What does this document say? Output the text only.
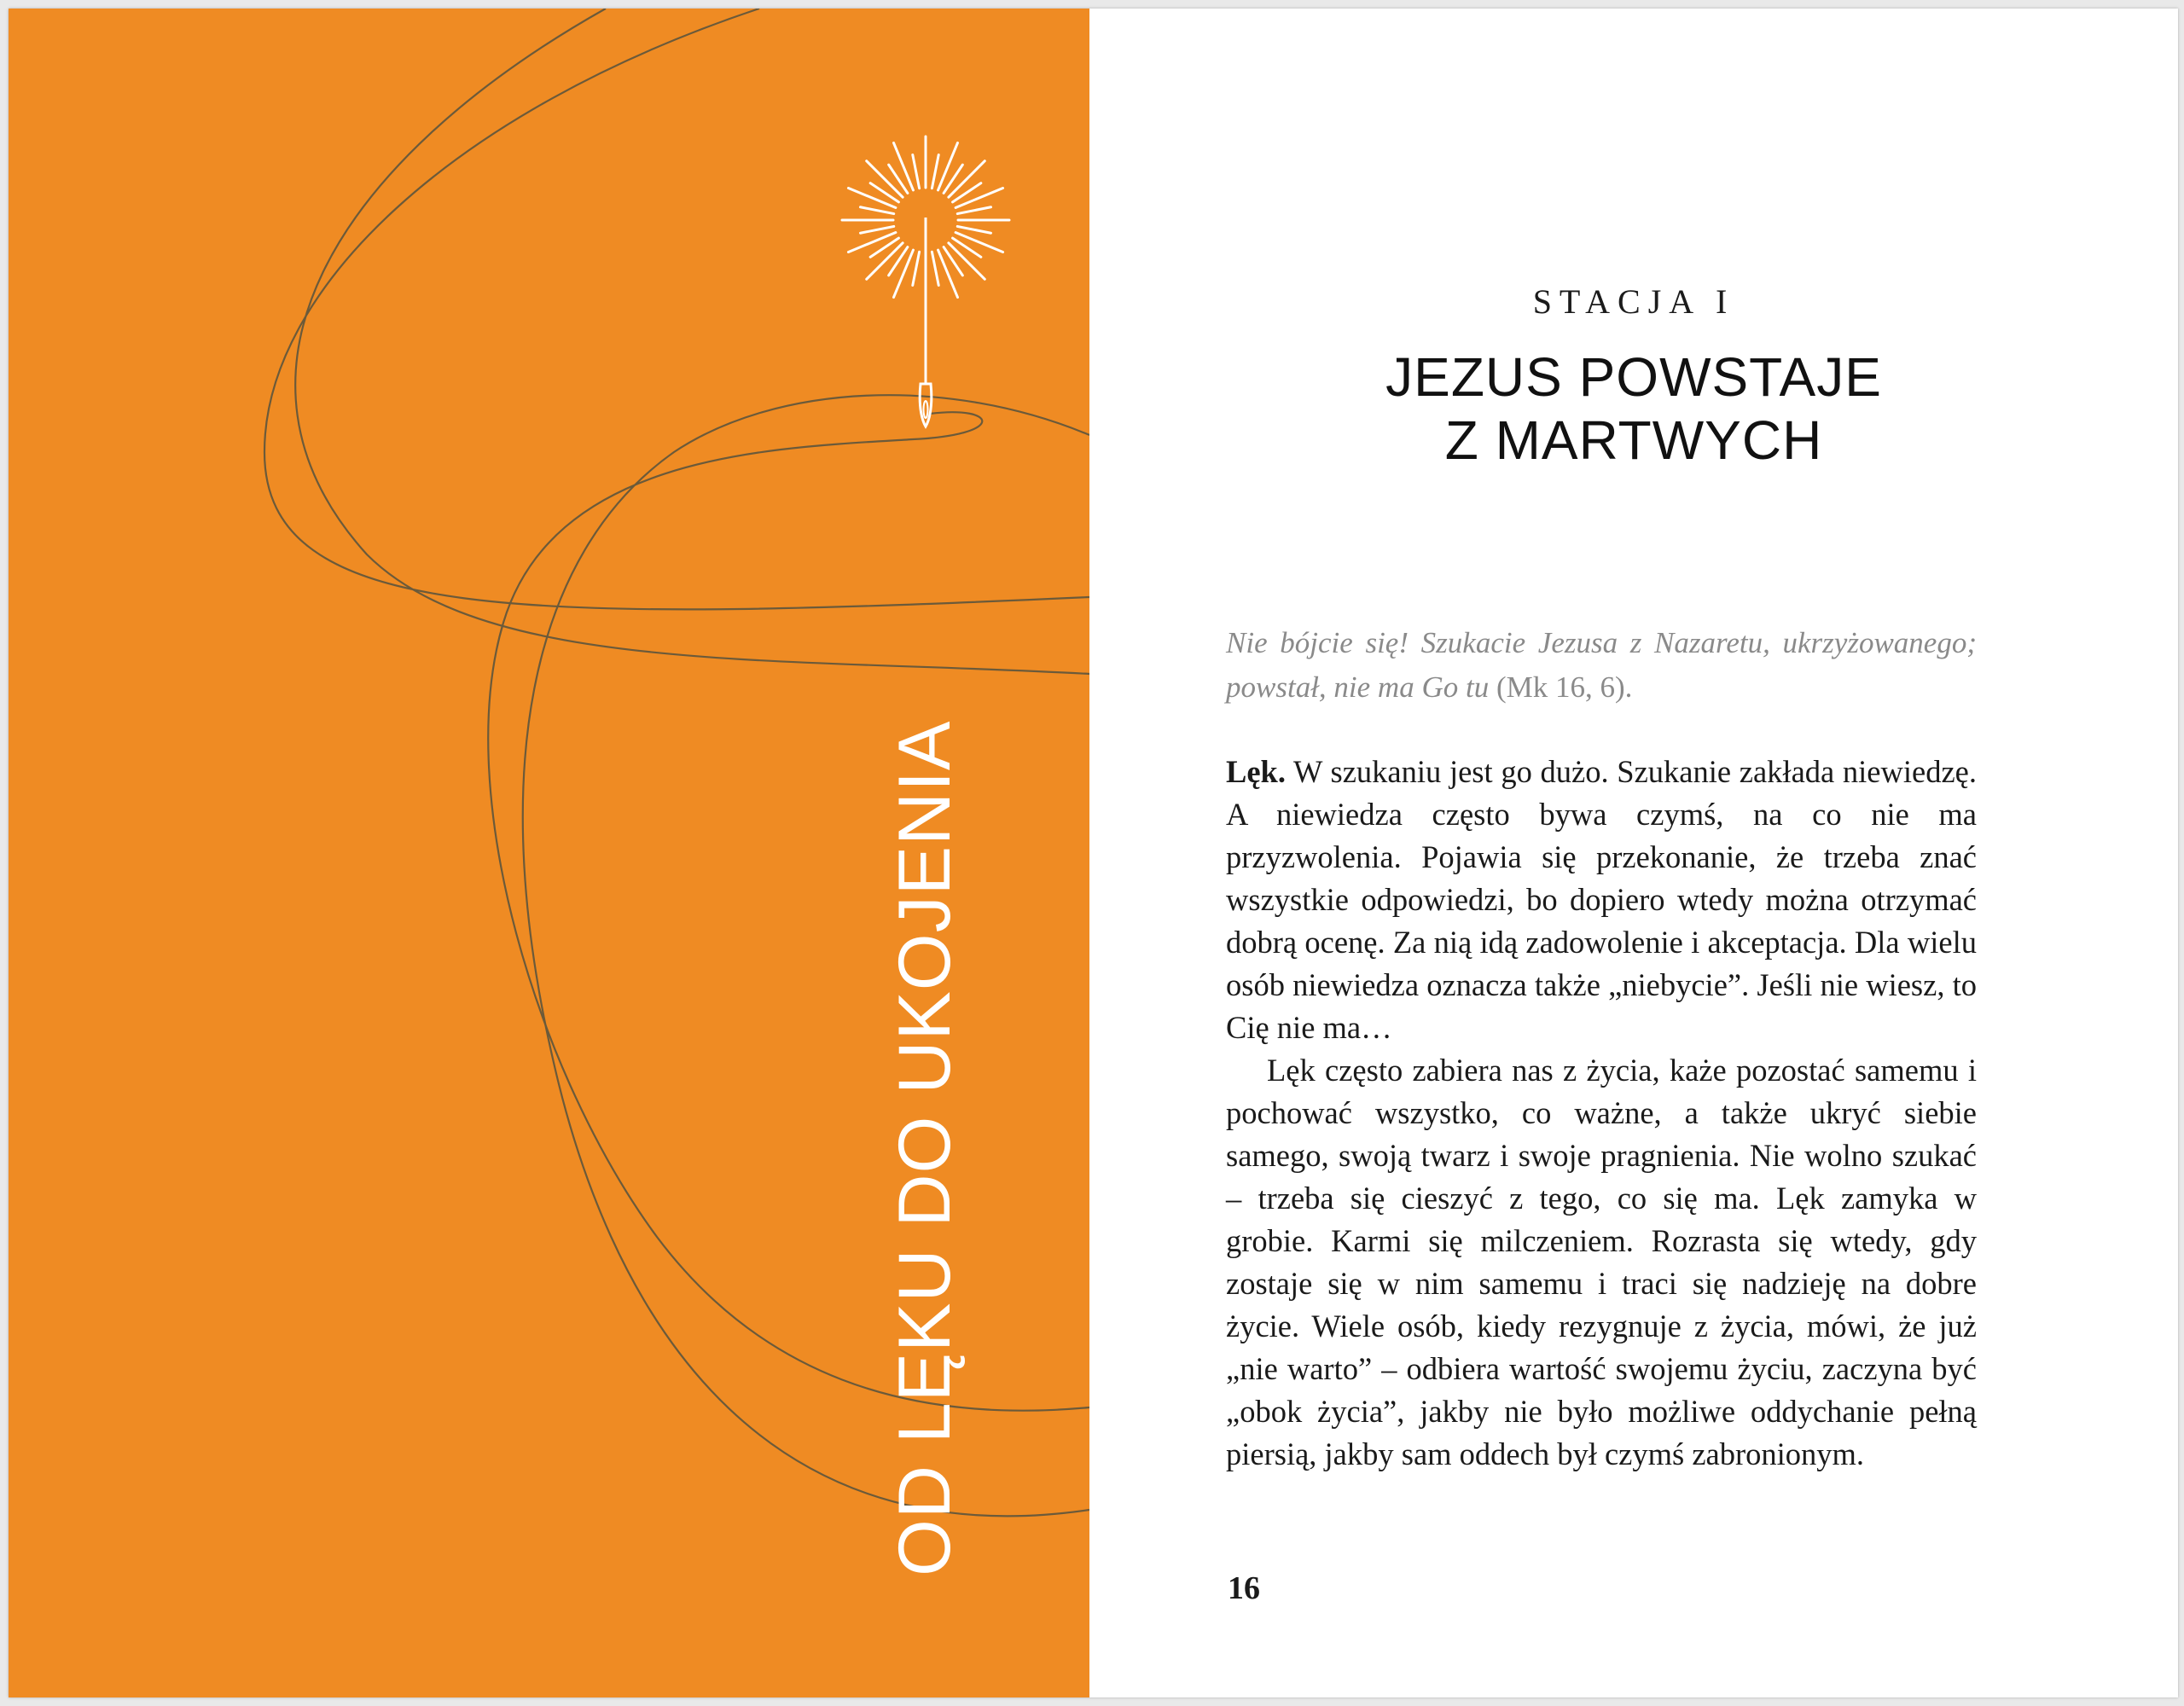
OD LĘKU DO UKOJENIA
STACJA I
JEZUS POWSTAJE
Z MARTWYCH
Nie bójcie się! Szukacie Jezusa z Nazaretu, ukrzyżowanego; powstał, nie ma Go tu (Mk 16, 6).

Lęk. W szukaniu jest go dużo. Szukanie zakłada niewiedzę. A niewiedza często bywa czymś, na co nie ma przyzwolenia. Pojawia się przekonanie, że trzeba znać wszystkie odpowiedzi, bo dopiero wtedy można otrzymać dobrą ocenę. Za nią idą zadowolenie i akceptacja. Dla wielu osób niewiedza oznacza także „niebycie”. Jeśli nie wiesz, to Cię nie ma…

Lęk często zabiera nas z życia, każe pozostać samemu i pochować wszystko, co ważne, a także ukryć siebie samego, swoją twarz i swoje pragnienia. Nie wolno szukać – trzeba się cieszyć z tego, co się ma. Lęk zamyka w grobie. Karmi się milczeniem. Rozrasta się wtedy, gdy zostaje się w nim samemu i traci się nadzieję na dobre życie. Wiele osób, kiedy rezygnuje z życia, mówi, że już „nie warto” – odbiera wartość swojemu życiu, zaczyna być „obok życia”, jakby nie było możliwe oddychanie pełną piersią, jakby sam oddech był czymś zabronionym.

16
